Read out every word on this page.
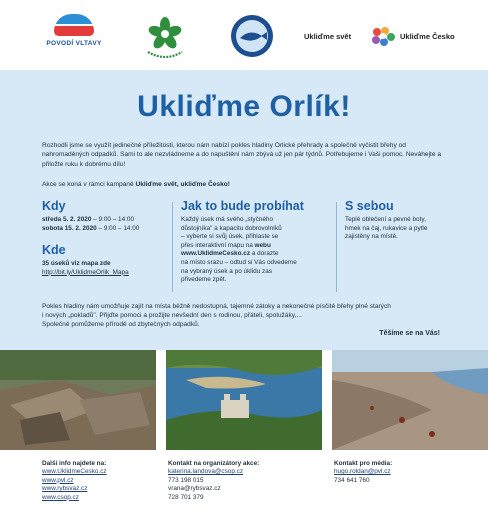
POVODÍ VLTAVY
Ukliďme svět	Ukliďme Česko
Ukliďme Orlík!
Rozhodli jsme se využít jedinečné příležitosti, kterou nám nabízí pokles hladiny Orlické přehrady a společně vyčistit břehy od nahromaděných odpadků. Sami to ale nezvládneme a do napuštění nám zbývá už jen pár týdnů. Potřebujeme i Vaši pomoc. Neváhejte a přiložte ruku k dobrému dílu!
Akce se koná v rámci kampaně Ukliďme svět, ukliďme Česko!
Kdy
středa 5. 2. 2020 – 9:00 – 14:00
sobota 15. 2. 2020 – 9:00 – 14:00
Kde
35 úseků viz mapa zde
http://bit.ly/UklidmeOrlik_Mapa
Jak to bude probíhat
Každý úsek má svého „styčného
důstojníka" a kapacitu dobrovolníků
– vyberte si svůj úsek, přihlaste se
přes interaktivní mapu na webu
www.UklidmeCesko.cz a dorazte
na místo srazu – odtud si Vás odvedeme
na vybraný úsek a po úklidu zas
přivedeme zpět.
S sebou
Teplé oblečení a pevné boty,
hmek na čaj, rukavice a pytle
zajistěny na místě.
Pokles hladiny nám umožňuje zajít na místa běžně nedostupná, tajemné zátoky a nekonečné písčité břehy plné starých
i nových „pokladů". Přijďte pomoci a prožijte nevšední den s rodinou, přáteli, spolužáky,...
Společně pomůžeme přírodě od zbytečných odpadků.
Těšíme se na Vás!
Další info najdete na:
www.UklidmeCesko.cz
www.pvl.cz
www.rybsvaz.cz
www.csop.cz
Kontakt na organizátory akce:
katerina.landova@csop.cz
773 198 015
vrana@rybsvaz.cz
728 701 379
Kontakt pro média:
hugo.roldan@pvl.cz
734 641 760
